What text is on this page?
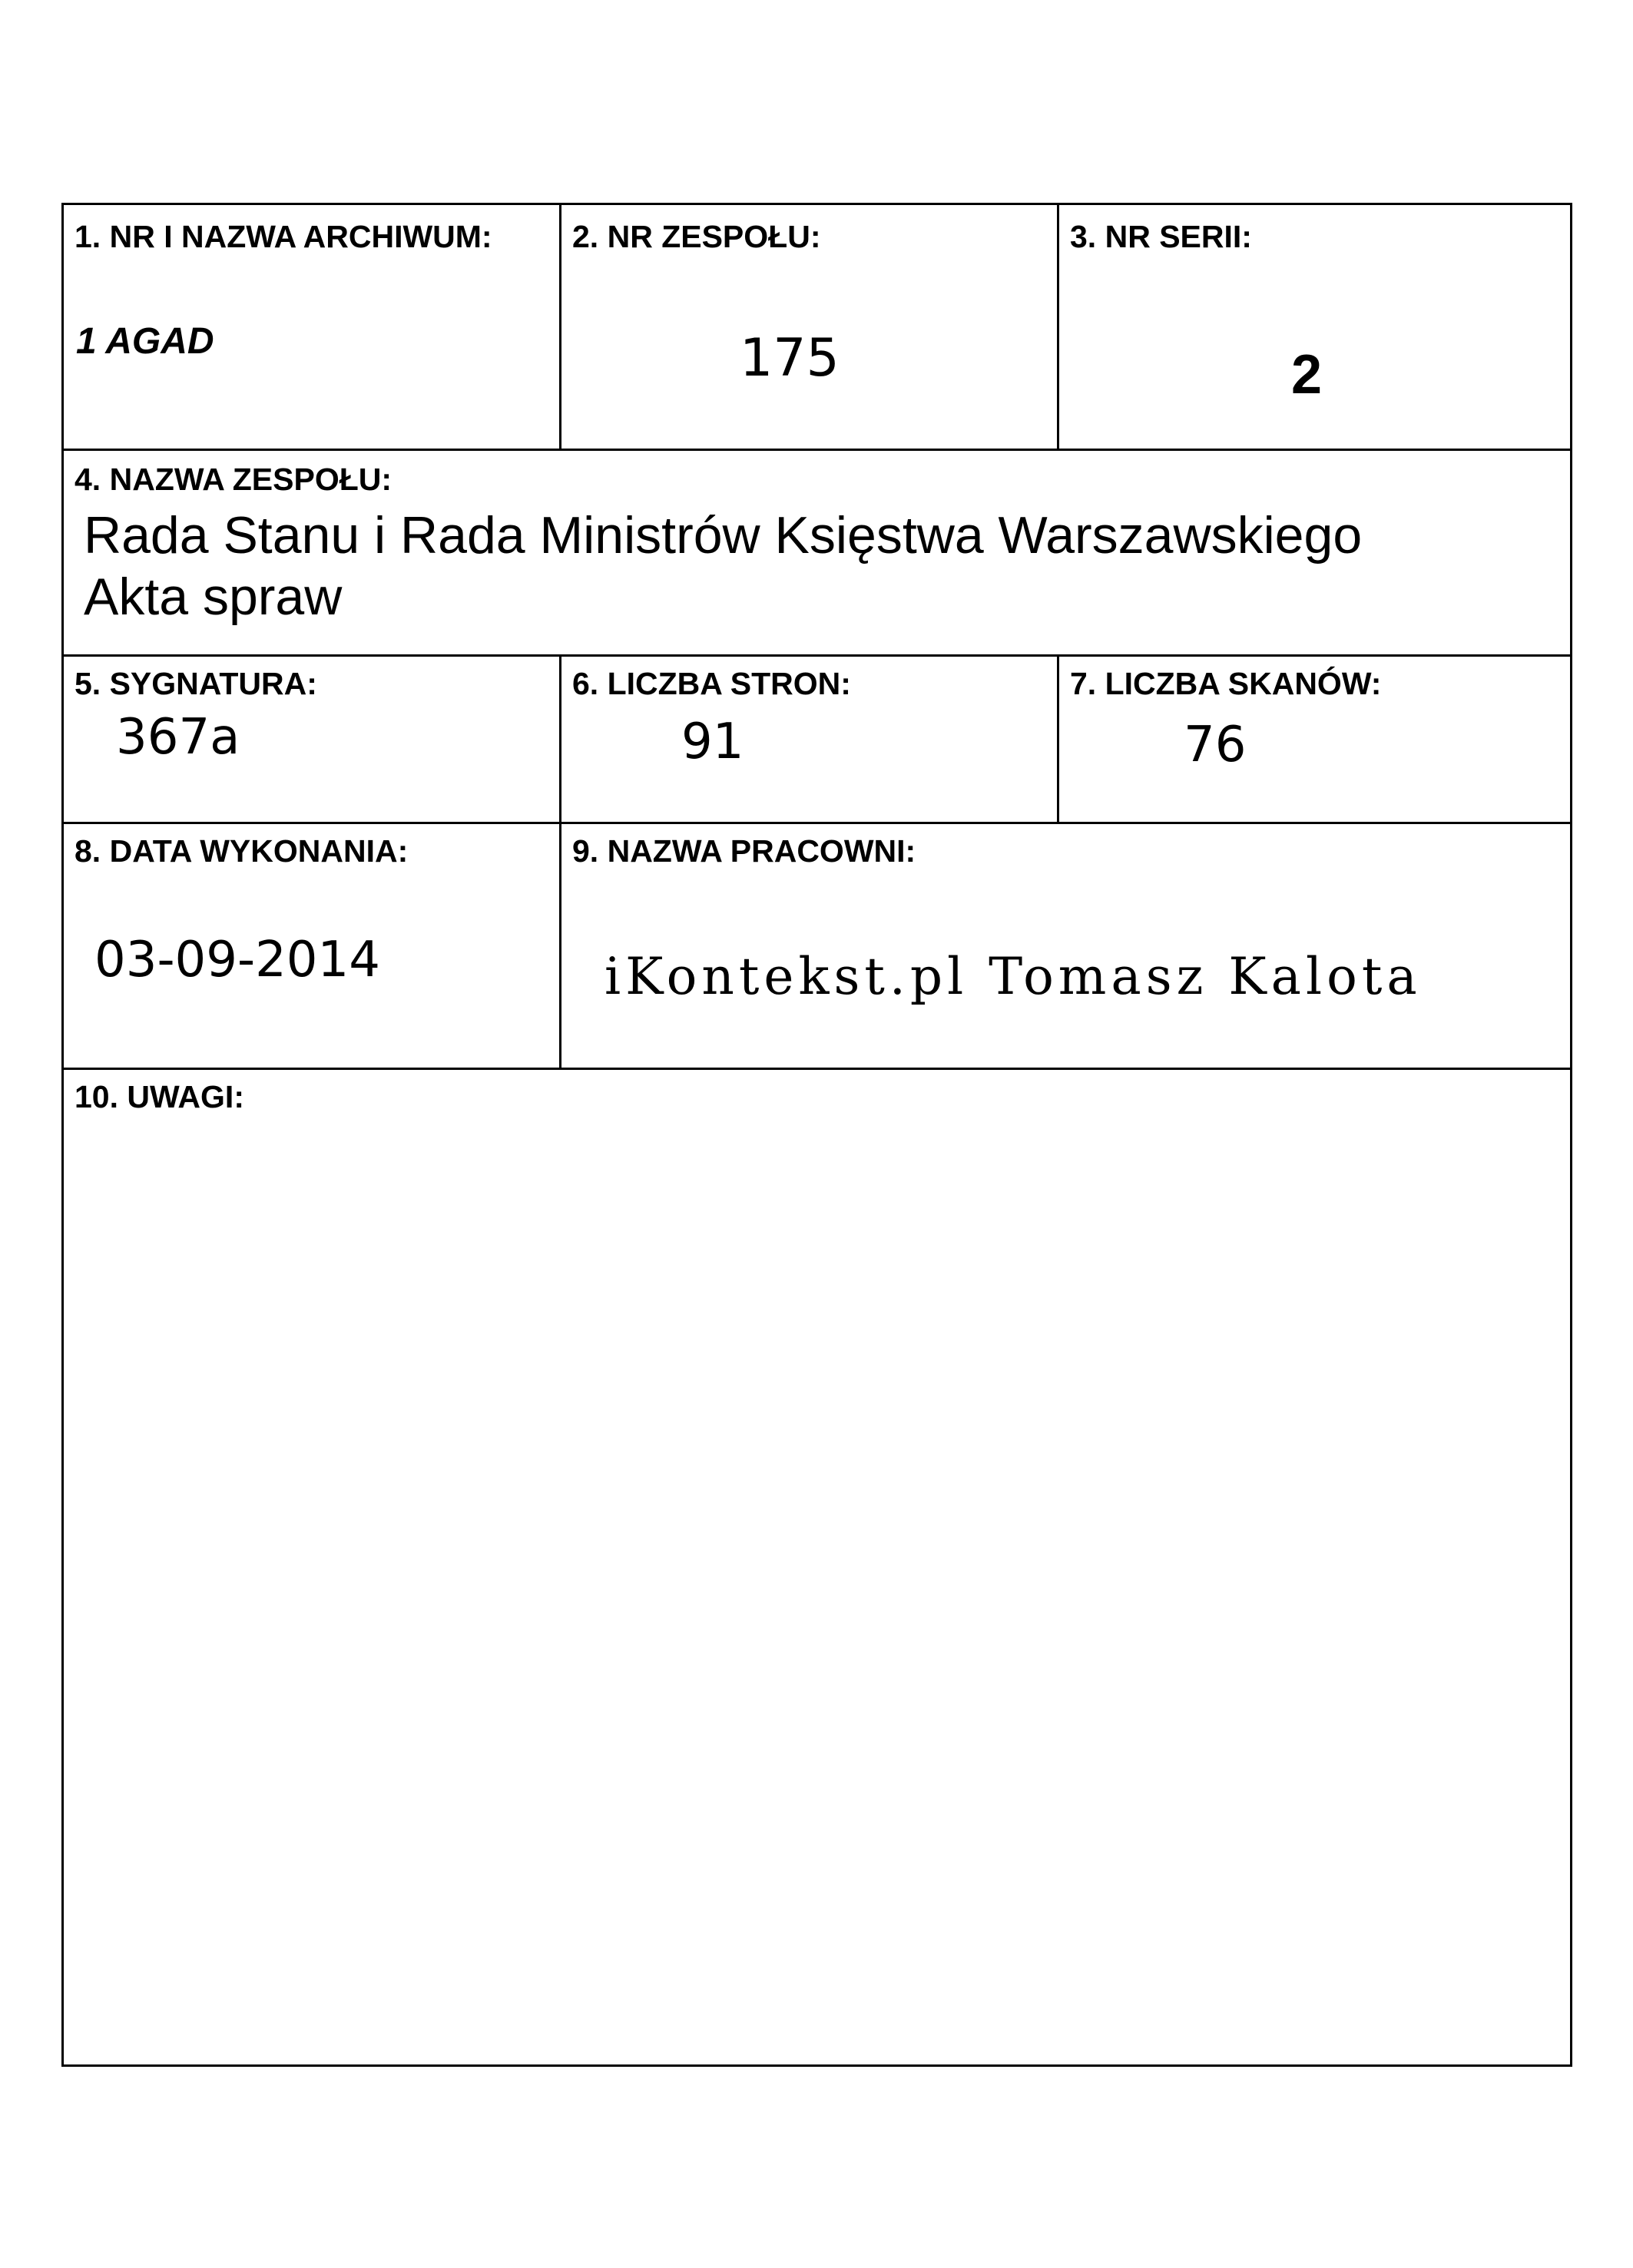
1. NR I NAZWA ARCHIWUM:
1 AGAD
2. NR ZESPOŁU:
175
3. NR SERII:
2
4. NAZWA ZESPOŁU:
Rada Stanu i Rada Ministrów Księstwa Warszawskiego
Akta spraw
5. SYGNATURA:
367a
6. LICZBA STRON:
91
7. LICZBA SKANÓW:
76
8. DATA WYKONANIA:
03-09-2014
9. NAZWA PRACOWNI:
iKontekst.pl Tomasz Kalota
10. UWAGI:
